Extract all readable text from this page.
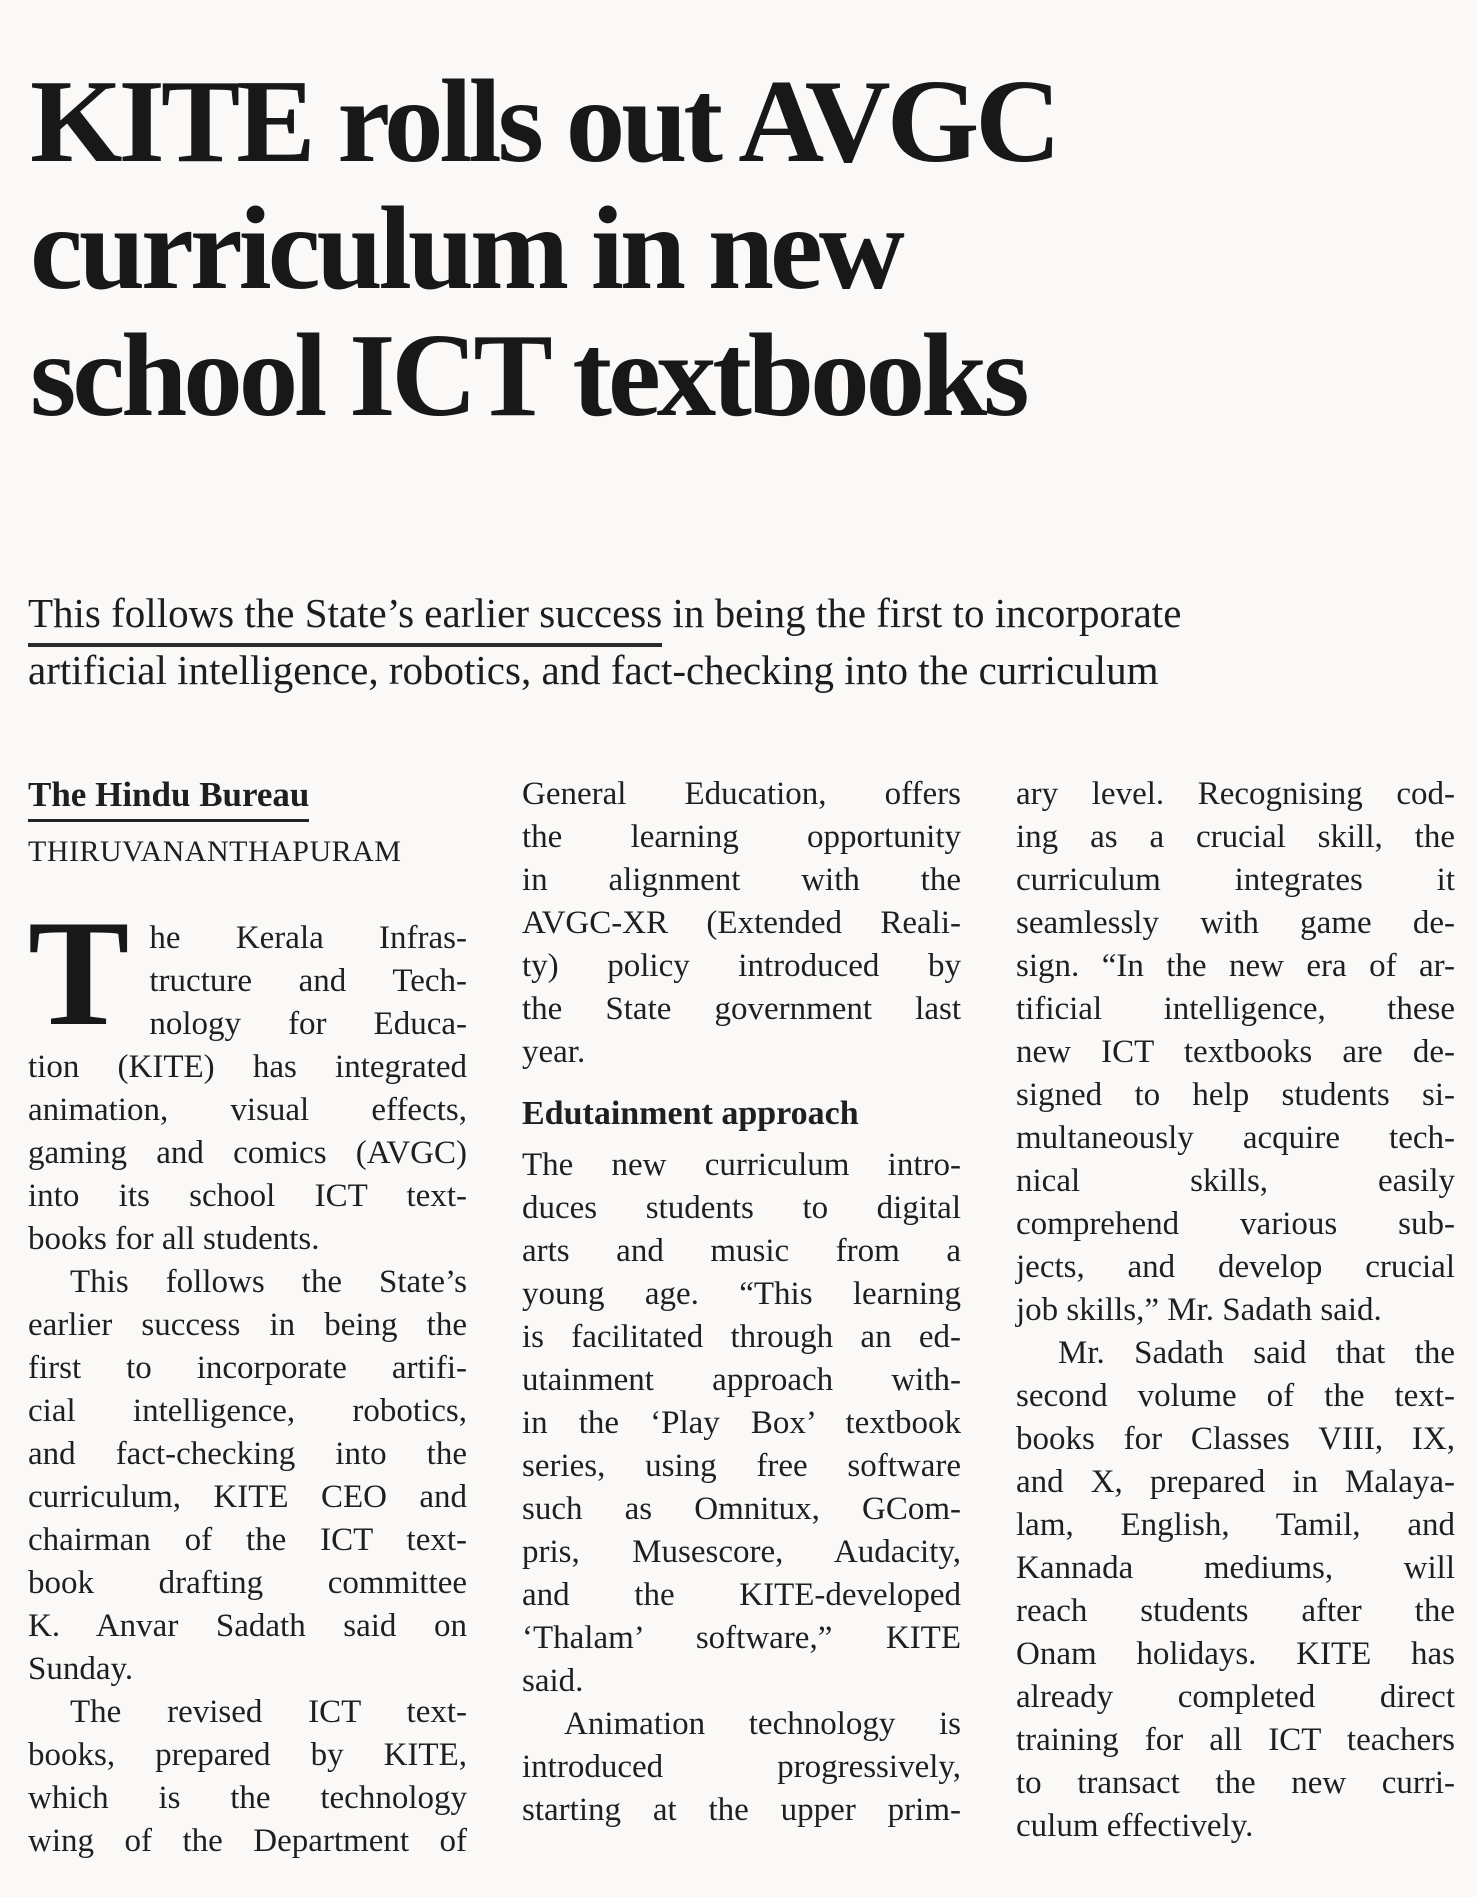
KITE rolls out AVGC
curriculum in new
school ICT textbooks
This follows the State’s earlier success in being the first to incorporate
artificial intelligence, robotics, and fact-checking into the curriculum
The Hindu Bureau
THIRUVANANTHAPURAM
T he Kerala Infras-
tructure and Tech-
nology for Educa-
tion (KITE) has integrated
animation, visual effects,
gaming and comics (AVGC)
into its school ICT text-
books for all students.
This follows the State’s
earlier success in being the
first to incorporate artifi-
cial intelligence, robotics,
and fact-checking into the
curriculum, KITE CEO and
chairman of the ICT text-
book drafting committee
K. Anvar Sadath said on
Sunday.
The revised ICT text-
books, prepared by KITE,
which is the technology
wing of the Department of
General Education, offers
the learning opportunity
in alignment with the
AVGC-XR (Extended Reali-
ty) policy introduced by
the State government last
year.
Edutainment approach
The new curriculum intro-
duces students to digital
arts and music from a
young age. “This learning
is facilitated through an ed-
utainment approach with-
in the ‘Play Box’ textbook
series, using free software
such as Omnitux, GCom-
pris, Musescore, Audacity,
and the KITE-developed
‘Thalam’ software,” KITE
said.
Animation technology is
introduced progressively,
starting at the upper prim-
ary level. Recognising cod-
ing as a crucial skill, the
curriculum integrates it
seamlessly with game de-
sign. “In the new era of ar-
tificial intelligence, these
new ICT textbooks are de-
signed to help students si-
multaneously acquire tech-
nical skills, easily
comprehend various sub-
jects, and develop crucial
job skills,” Mr. Sadath said.
Mr. Sadath said that the
second volume of the text-
books for Classes VIII, IX,
and X, prepared in Malaya-
lam, English, Tamil, and
Kannada mediums, will
reach students after the
Onam holidays. KITE has
already completed direct
training for all ICT teachers
to transact the new curri-
culum effectively.
